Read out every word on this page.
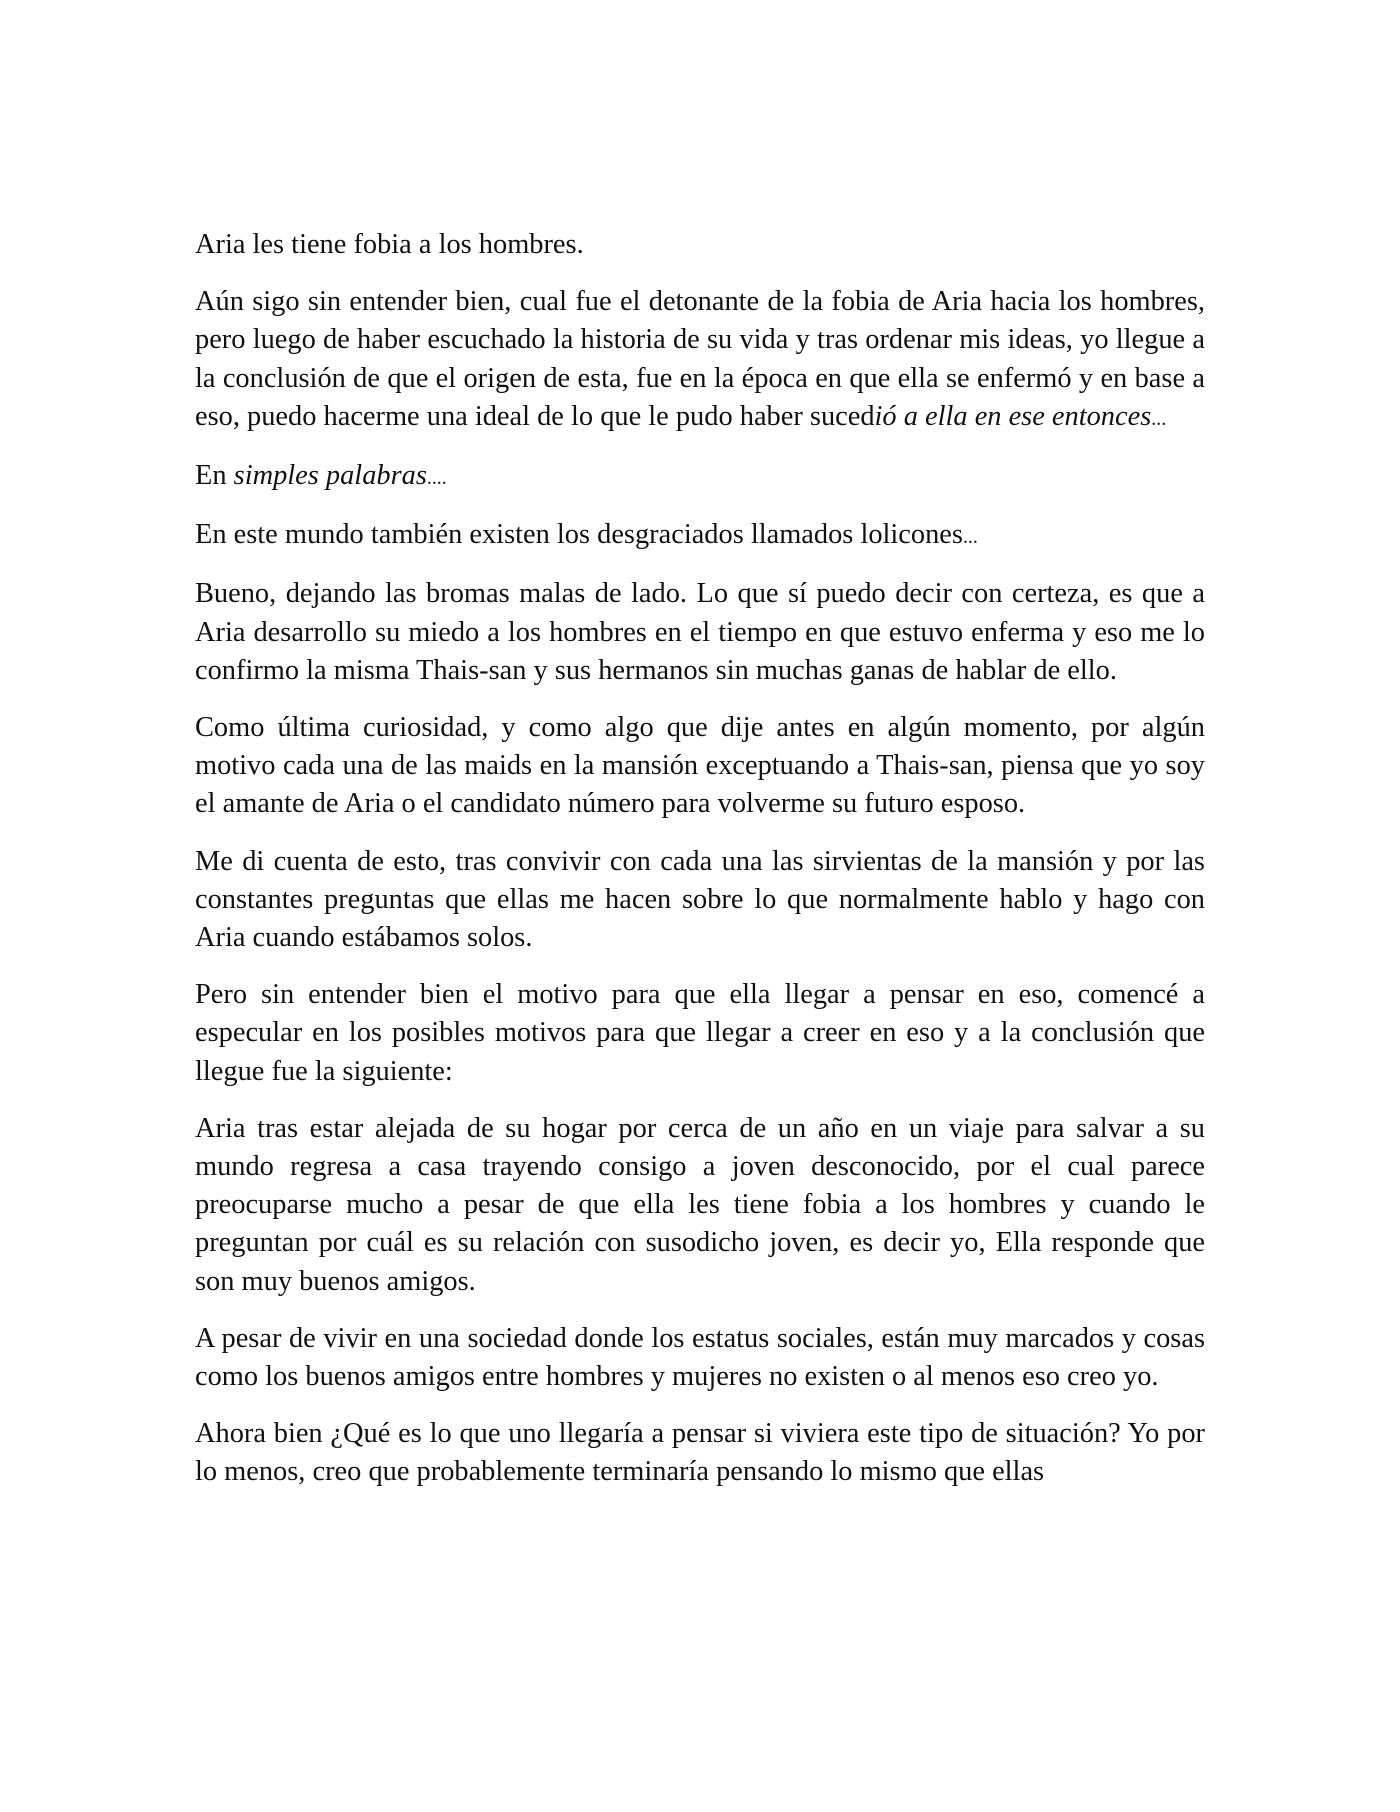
Aria les tiene fobia a los hombres.

Aún sigo sin entender bien, cual fue el detonante de la fobia de Aria hacia los hombres, pero luego de haber escuchado la historia de su vida y tras ordenar mis ideas, yo llegue a la conclusión de que el origen de esta, fue en la época en que ella se enfermó y en base a eso, puedo hacerme una ideal de lo que le pudo haber sucedió a ella en ese entonces...

En simples palabras....

En este mundo también existen los desgraciados llamados lolicones...

Bueno, dejando las bromas malas de lado. Lo que sí puedo decir con certeza, es que a Aria desarrollo su miedo a los hombres en el tiempo en que estuvo enferma y eso me lo confirmo la misma Thais-san y sus hermanos sin muchas ganas de hablar de ello.

Como última curiosidad, y como algo que dije antes en algún momento, por algún motivo cada una de las maids en la mansión exceptuando a Thais-san, piensa que yo soy el amante de Aria o el candidato número para volverme su futuro esposo.

Me di cuenta de esto, tras convivir con cada una las sirvientas de la mansión y por las constantes preguntas que ellas me hacen sobre lo que normalmente hablo y hago con Aria cuando estábamos solos.

Pero sin entender bien el motivo para que ella llegar a pensar en eso, comencé a especular en los posibles motivos para que llegar a creer en eso y a la conclusión que llegue fue la siguiente:

Aria tras estar alejada de su hogar por cerca de un año en un viaje para salvar a su mundo regresa a casa trayendo consigo a joven desconocido, por el cual parece preocuparse mucho a pesar de que ella les tiene fobia a los hombres y cuando le preguntan por cuál es su relación con susodicho joven, es decir yo, Ella responde que son muy buenos amigos.

A pesar de vivir en una sociedad donde los estatus sociales, están muy marcados y cosas como los buenos amigos entre hombres y mujeres no existen o al menos eso creo yo.

Ahora bien ¿Qué es lo que uno llegaría a pensar si viviera este tipo de situación? Yo por lo menos, creo que probablemente terminaría pensando lo mismo que ellas
